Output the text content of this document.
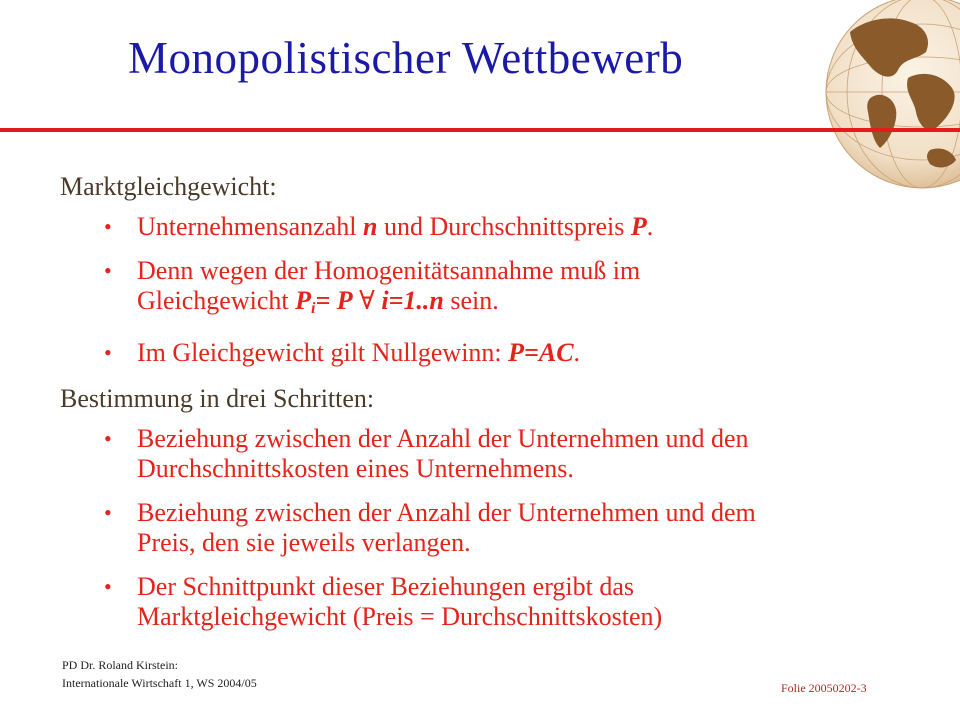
Monopolistischer Wettbewerb
Marktgleichgewicht:
• Unternehmensanzahl n und Durchschnittspreis P.
• Denn wegen der Homogenitätsannahme muß im
Gleichgewicht $P_i= P$ ∀ i=1..n sein.
• Im Gleichgewicht gilt Nullgewinn: P=AC.
Bestimmung in drei Schritten:
• Beziehung zwischen der Anzahl der Unternehmen und den
Durchschnittskosten eines Unternehmens.
• Beziehung zwischen der Anzahl der Unternehmen und dem
Preis, den sie jeweils verlangen.
• Der Schnittpunkt dieser Beziehungen ergibt das
Marktgleichgewicht (Preis = Durchschnittskosten)
PD Dr. Roland Kirstein:
Internationale Wirtschaft 1, WS 2004/05	Folie 20050202-3
